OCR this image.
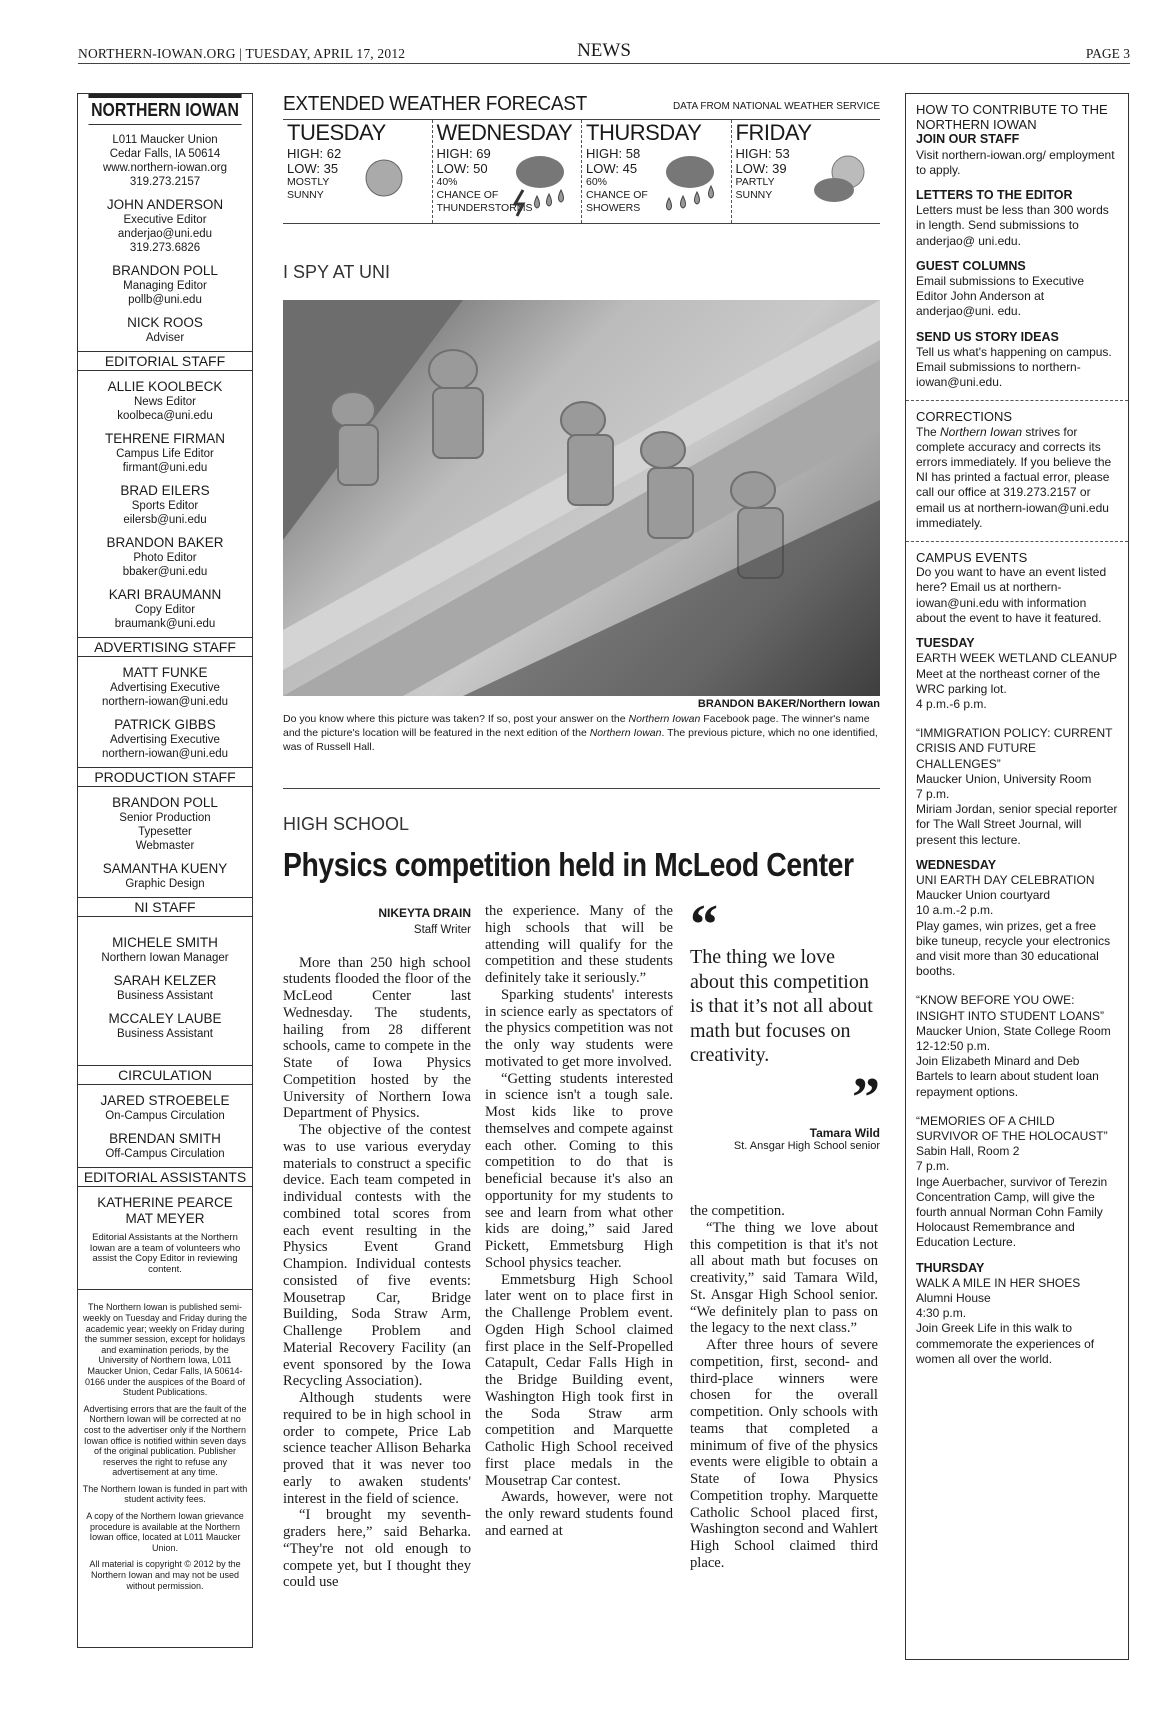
NORTHERN-IOWAN.ORG | TUESDAY, APRIL 17, 2012	NEWS	PAGE 3
NORTHERN IOWAN
L011 Maucker Union
Cedar Falls, IA 50614
www.northern-iowan.org
319.273.2157
JOHN ANDERSON
Executive Editor
anderjao@uni.edu
319.273.6826
BRANDON POLL
Managing Editor
pollb@uni.edu
NICK ROOS
Adviser
EDITORIAL STAFF
ALLIE KOOLBECK
News Editor
koolbeca@uni.edu
TEHRENE FIRMAN
Campus Life Editor
firmant@uni.edu
BRAD EILERS
Sports Editor
eilersb@uni.edu
BRANDON BAKER
Photo Editor
bbaker@uni.edu
KARI BRAUMANN
Copy Editor
braumank@uni.edu
ADVERTISING STAFF
MATT FUNKE
Advertising Executive
northern-iowan@uni.edu
PATRICK GIBBS
Advertising Executive
northern-iowan@uni.edu
PRODUCTION STAFF
BRANDON POLL
Senior Production
Typesetter
Webmaster
SAMANTHA KUENY
Graphic Design
NI STAFF
MICHELE SMITH
Northern Iowan Manager
SARAH KELZER
Business Assistant
MCCALEY LAUBE
Business Assistant
CIRCULATION
JARED STROEBELE
On-Campus Circulation
BRENDAN SMITH
Off-Campus Circulation
EDITORIAL ASSISTANTS
KATHERINE PEARCE
MAT MEYER
Editorial Assistants at the Northern Iowan are a team of volunteers who assist the Copy Editor in reviewing content.
The Northern Iowan is published semi-weekly on Tuesday and Friday during the academic year; weekly on Friday during the summer session, except for holidays and examination periods, by the University of Northern Iowa, L011 Maucker Union, Cedar Falls, IA 50614-0166 under the auspices of the Board of Student Publications.
Advertising errors that are the fault of the Northern Iowan will be corrected at no cost to the advertiser only if the Northern Iowan office is notified within seven days of the original publication. Publisher reserves the right to refuse any advertisement at any time.
The Northern Iowan is funded in part with student activity fees.
A copy of the Northern Iowan grievance procedure is available at the Northern Iowan office, located at L011 Maucker Union.
All material is copyright © 2012 by the Northern Iowan and may not be used without permission.
EXTENDED WEATHER FORECAST	DATA FROM NATIONAL WEATHER SERVICE
TUESDAY
HIGH: 62
LOW: 35
MOSTLY
SUNNY
WEDNESDAY
HIGH: 69
LOW: 50
40%
CHANCE OF
THUNDERSTORMS
THURSDAY
HIGH: 58
LOW: 45
60%
CHANCE OF
SHOWERS
FRIDAY
HIGH: 53
LOW: 39
PARTLY
SUNNY
I SPY AT UNI
BRANDON BAKER/Northern Iowan
Do you know where this picture was taken? If so, post your answer on the Northern Iowan Facebook page. The winner's name and the picture's location will be featured in the next edition of the Northern Iowan. The previous picture, which no one identified, was of Russell Hall.
HIGH SCHOOL
Physics competition held in McLeod Center
NIKEYTA DRAIN
Staff Writer

More than 250 high school students flooded the floor of the McLeod Center last Wednesday. The students, hailing from 28 different schools, came to compete in the State of Iowa Physics Competition hosted by the University of Northern Iowa Department of Physics.

The objective of the contest was to use various everyday materials to construct a specific device. Each team competed in individual contests with the combined total scores from each event resulting in the Physics Event Grand Champion. Individual contests consisted of five events: Mousetrap Car, Bridge Building, Soda Straw Arm, Challenge Problem and Material Recovery Facility (an event sponsored by the Iowa Recycling Association).

Although students were required to be in high school in order to compete, Price Lab science teacher Allison Beharka proved that it was never too early to awaken students' interest in the field of science.

“I brought my seventh-graders here,” said Beharka. “They're not old enough to compete yet, but I thought they could use

the experience. Many of the high schools that will be attending will qualify for the competition and these students definitely take it seriously.”

Sparking students' interests in science early as spectators of the physics competition was not the only way students were motivated to get more involved.

“Getting students interested in science isn't a tough sale. Most kids like to prove themselves and compete against each other. Coming to this competition to do that is beneficial because it's also an opportunity for my students to see and learn from what other kids are doing,” said Jared Pickett, Emmetsburg High School physics teacher.

Emmetsburg High School later went on to place first in the Challenge Problem event. Ogden High School claimed first place in the Self-Propelled Catapult, Cedar Falls High in the Bridge Building event, Washington High took first in the Soda Straw arm competition and Marquette Catholic High School received first place medals in the Mousetrap Car contest.

Awards, however, were not the only reward students found and earned at

“
The thing we love about this competition is that it’s not all about math but focuses on creativity.
”
Tamara Wild
St. Ansgar High School senior

the competition.

“The thing we love about this competition is that it's not all about math but focuses on creativity,” said Tamara Wild, St. Ansgar High School senior. “We definitely plan to pass on the legacy to the next class.”

After three hours of severe competition, first, second- and third-place winners were chosen for the overall competition. Only schools with teams that completed a minimum of five of the physics events were eligible to obtain a State of Iowa Physics Competition trophy. Marquette Catholic School placed first, Washington second and Wahlert High School claimed third place.

HOW TO CONTRIBUTE TO THE NORTHERN IOWAN
JOIN OUR STAFF

Visit northern-iowan.org/ employment to apply.

LETTERS TO THE EDITOR

Letters must be less than 300 words in length. Send submissions to anderjao@ uni.edu.

GUEST COLUMNS

Email submissions to Executive Editor John Anderson at anderjao@uni. edu.

SEND US STORY IDEAS

Tell us what's happening on campus. Email submissions to northern-iowan@uni.edu.

CORRECTIONS

The Northern Iowan strives for complete accuracy and corrects its errors immediately. If you believe the NI has printed a factual error, please call our office at 319.273.2157 or email us at northern-iowan@uni.edu immediately.

CAMPUS EVENTS

Do you want to have an event listed here? Email us at northern-iowan@uni.edu with information about the event to have it featured.

TUESDAY

EARTH WEEK WETLAND CLEANUP

Meet at the northeast corner of the WRC parking lot.

4 p.m.-6 p.m.

“IMMIGRATION POLICY: CURRENT CRISIS AND FUTURE CHALLENGES”

Maucker Union, University Room

7 p.m.

Miriam Jordan, senior special reporter for The Wall Street Journal, will present this lecture.

WEDNESDAY

UNI EARTH DAY CELEBRATION

Maucker Union courtyard

10 a.m.-2 p.m.

Play games, win prizes, get a free bike tuneup, recycle your electronics and visit more than 30 educational booths.

“KNOW BEFORE YOU OWE: INSIGHT INTO STUDENT LOANS”

Maucker Union, State College Room

12-12:50 p.m.

Join Elizabeth Minard and Deb Bartels to learn about student loan repayment options.

“MEMORIES OF A CHILD SURVIVOR OF THE HOLOCAUST”

Sabin Hall, Room 2

7 p.m.

Inge Auerbacher, survivor of Terezin Concentration Camp, will give the fourth annual Norman Cohn Family Holocaust Remembrance and Education Lecture.

THURSDAY

WALK A MILE IN HER SHOES

Alumni House

4:30 p.m.

Join Greek Life in this walk to commemorate the experiences of women all over the world.
